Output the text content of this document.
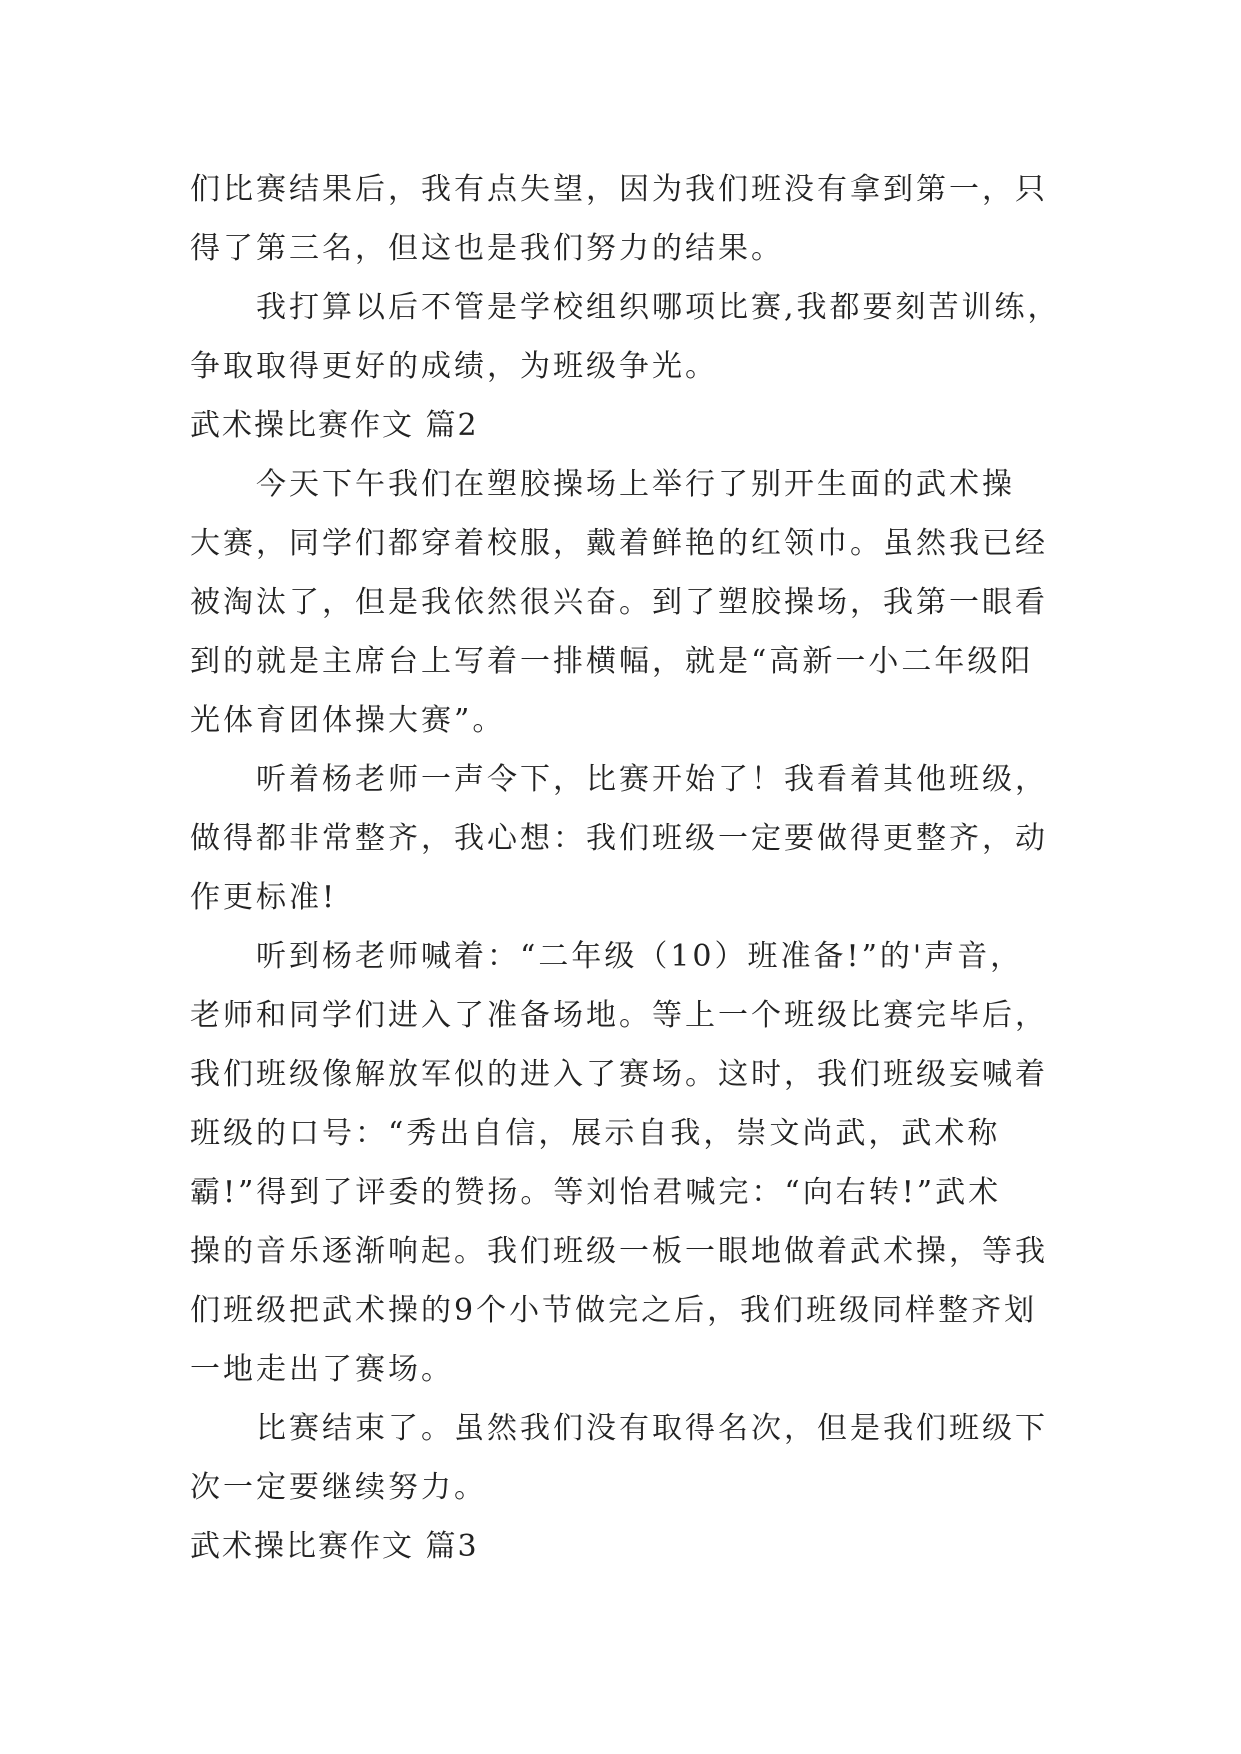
们比赛结果后，我有点失望，因为我们班没有拿到第一，只
得了第三名，但这也是我们努力的结果。
我打算以后不管是学校组织哪项比赛,我都要刻苦训练，
争取取得更好的成绩，为班级争光。
武术操比赛作文 篇2
今天下午我们在塑胶操场上举行了别开生面的武术操
大赛，同学们都穿着校服，戴着鲜艳的红领巾。虽然我已经
被淘汰了，但是我依然很兴奋。到了塑胶操场，我第一眼看
到的就是主席台上写着一排横幅，就是“高新一小二年级阳
光体育团体操大赛”。
听着杨老师一声令下，比赛开始了！我看着其他班级，
做得都非常整齐，我心想：我们班级一定要做得更整齐，动
作更标准!
听到杨老师喊着：“二年级（10）班准备!”的'声音，
老师和同学们进入了准备场地。等上一个班级比赛完毕后，
我们班级像解放军似的进入了赛场。这时，我们班级妄喊着
班级的口号：“秀出自信，展示自我，崇文尚武，武术称
霸!”得到了评委的赞扬。等刘怡君喊完：“向右转!”武术
操的音乐逐渐响起。我们班级一板一眼地做着武术操，等我
们班级把武术操的9个小节做完之后，我们班级同样整齐划
一地走出了赛场。
比赛结束了。虽然我们没有取得名次，但是我们班级下
次一定要继续努力。
武术操比赛作文 篇3
